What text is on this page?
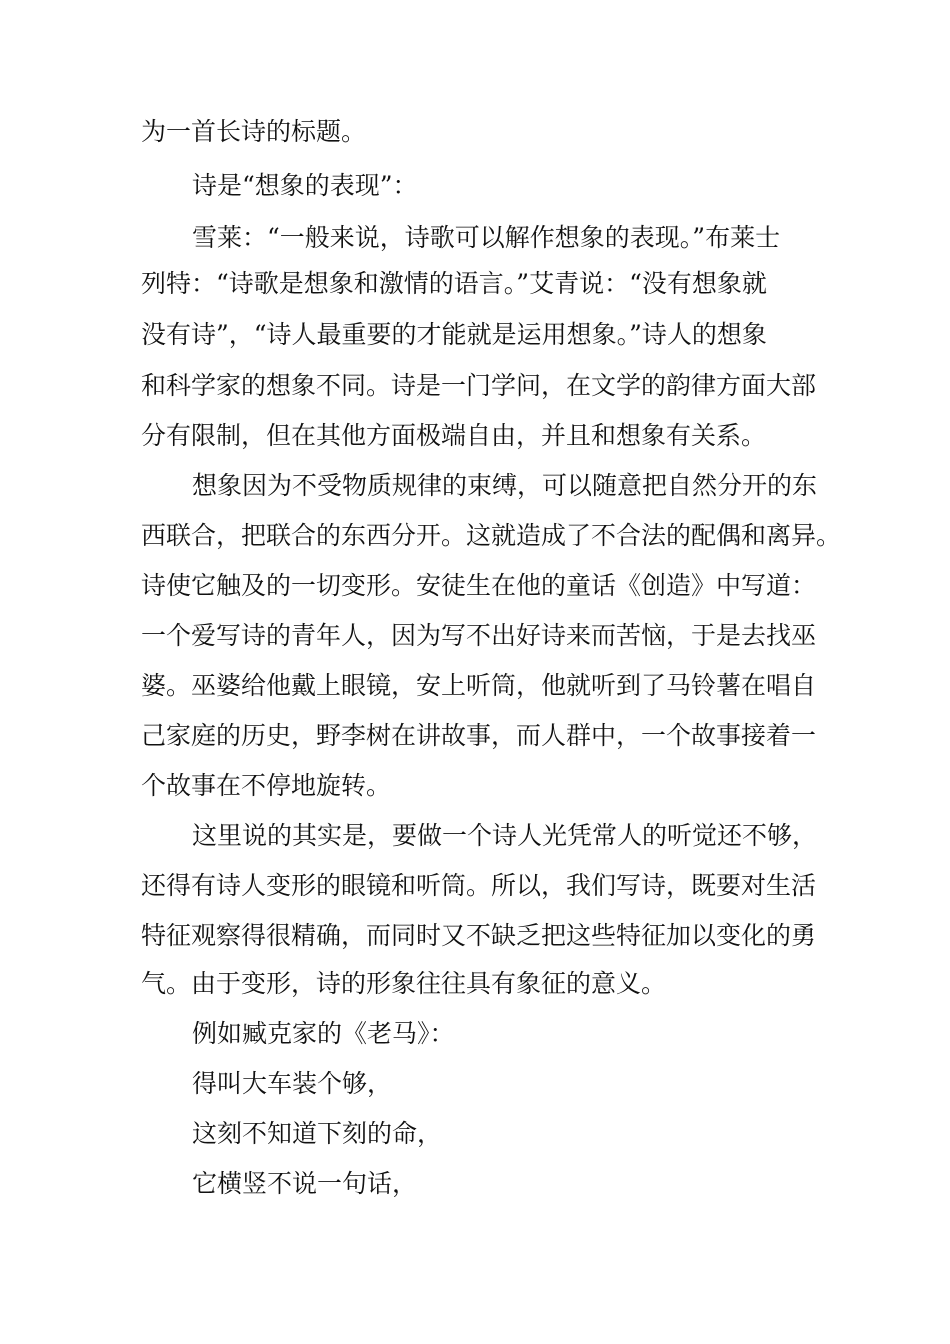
为一首长诗的标题。

诗是“想象的表现”：

雪莱：“一般来说，诗歌可以解作想象的表现。”布莱士

列特：“诗歌是想象和激情的语言。”艾青说：“没有想象就

没有诗”，“诗人最重要的才能就是运用想象。”诗人的想象

和科学家的想象不同。诗是一门学问，在文学的韵律方面大部

分有限制，但在其他方面极端自由，并且和想象有关系。

想象因为不受物质规律的束缚，可以随意把自然分开的东

西联合，把联合的东西分开。这就造成了不合法的配偶和离异。

诗使它触及的一切变形。安徒生在他的童话《创造》中写道：

一个爱写诗的青年人，因为写不出好诗来而苦恼，于是去找巫

婆。巫婆给他戴上眼镜，安上听筒，他就听到了马铃薯在唱自

己家庭的历史，野李树在讲故事，而人群中，一个故事接着一

个故事在不停地旋转。

这里说的其实是，要做一个诗人光凭常人的听觉还不够，

还得有诗人变形的眼镜和听筒。所以，我们写诗，既要对生活

特征观察得很精确，而同时又不缺乏把这些特征加以变化的勇

气。由于变形，诗的形象往往具有象征的意义。

例如臧克家的《老马》：

得叫大车装个够，

这刻不知道下刻的命，

它横竖不说一句话，
